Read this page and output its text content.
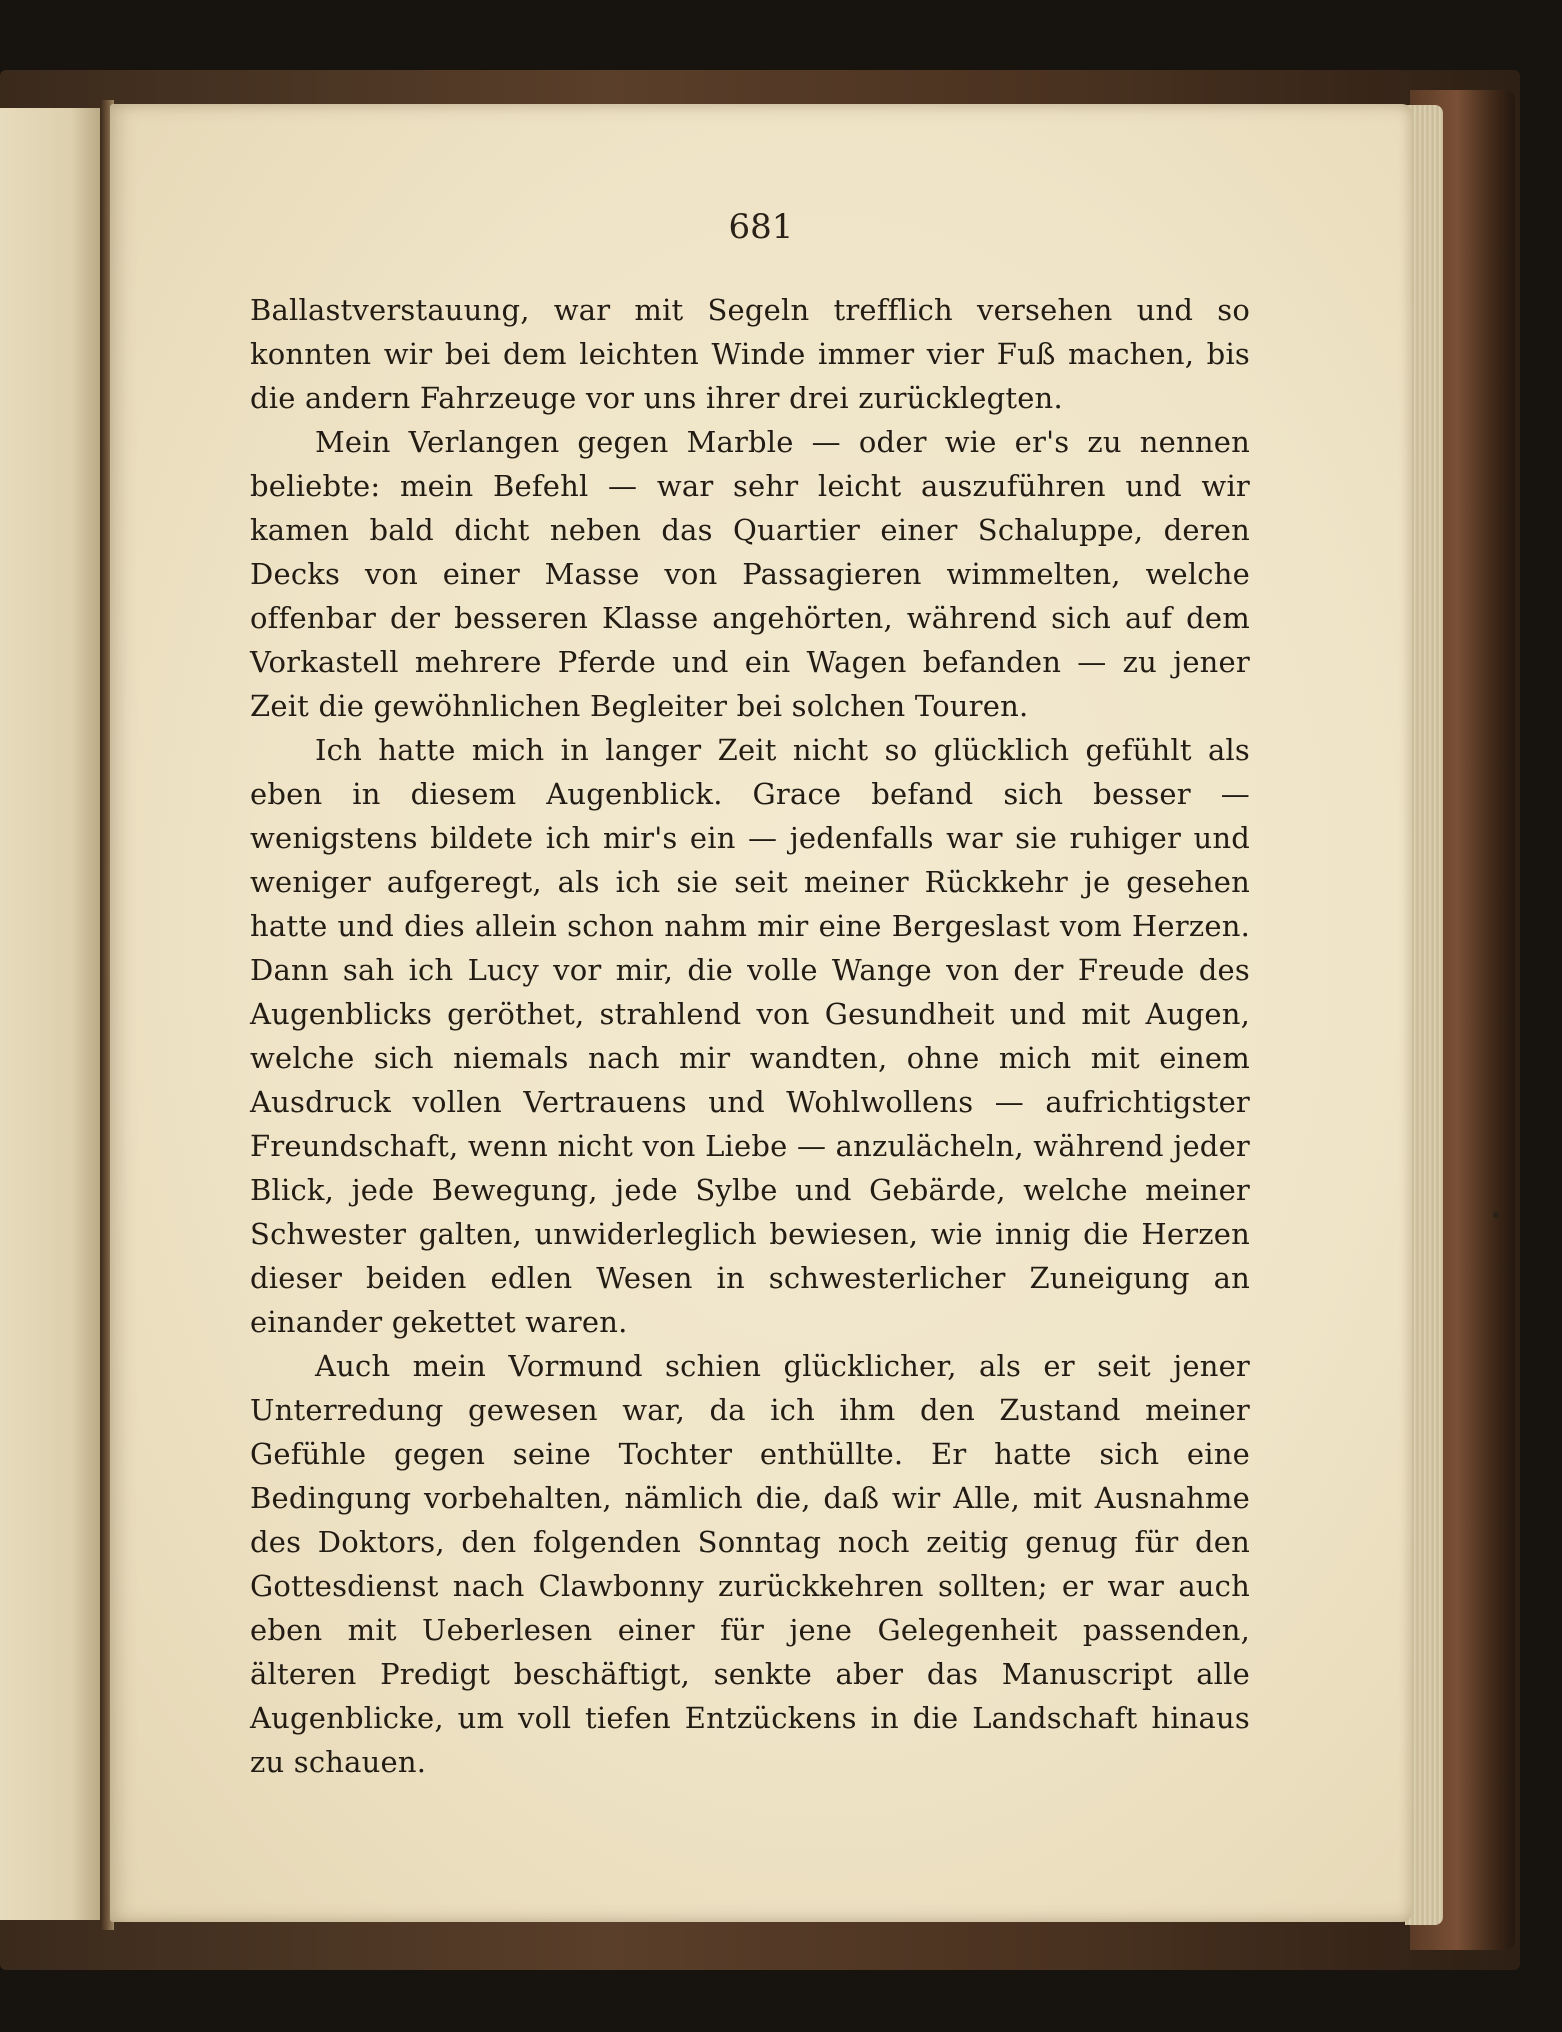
681

Ballastverstauung, war mit Segeln trefflich versehen und so konnten wir bei dem leichten Winde immer vier Fuß machen, bis die andern Fahrzeuge vor uns ihrer drei zurücklegten.

Mein Verlangen gegen Marble — oder wie er's zu nennen beliebte: mein Befehl — war sehr leicht auszuführen und wir kamen bald dicht neben das Quartier einer Schaluppe, deren Decks von einer Masse von Passagieren wimmelten, welche offenbar der besseren Klasse angehörten, während sich auf dem Vorkastell mehrere Pferde und ein Wagen befanden — zu jener Zeit die gewöhnlichen Begleiter bei solchen Touren.

Ich hatte mich in langer Zeit nicht so glücklich gefühlt als eben in diesem Augenblick. Grace befand sich besser — wenigstens bildete ich mir's ein — jedenfalls war sie ruhiger und weniger aufgeregt, als ich sie seit meiner Rückkehr je gesehen hatte und dies allein schon nahm mir eine Bergeslast vom Herzen. Dann sah ich Lucy vor mir, die volle Wange von der Freude des Augenblicks geröthet, strahlend von Gesundheit und mit Augen, welche sich niemals nach mir wandten, ohne mich mit einem Ausdruck vollen Vertrauens und Wohlwollens — aufrichtigster Freundschaft, wenn nicht von Liebe — anzulächeln, während jeder Blick, jede Bewegung, jede Sylbe und Gebärde, welche meiner Schwester galten, unwiderleglich bewiesen, wie innig die Herzen dieser beiden edlen Wesen in schwesterlicher Zuneigung an einander gekettet waren.

Auch mein Vormund schien glücklicher, als er seit jener Unterredung gewesen war, da ich ihm den Zustand meiner Gefühle gegen seine Tochter enthüllte. Er hatte sich eine Bedingung vorbehalten, nämlich die, daß wir Alle, mit Ausnahme des Doktors, den folgenden Sonntag noch zeitig genug für den Gottesdienst nach Clawbonny zurückkehren sollten; er war auch eben mit Ueberlesen einer für jene Gelegenheit passenden, älteren Predigt beschäftigt, senkte aber das Manuscript alle Augenblicke, um voll tiefen Entzückens in die Landschaft hinaus zu schauen.
